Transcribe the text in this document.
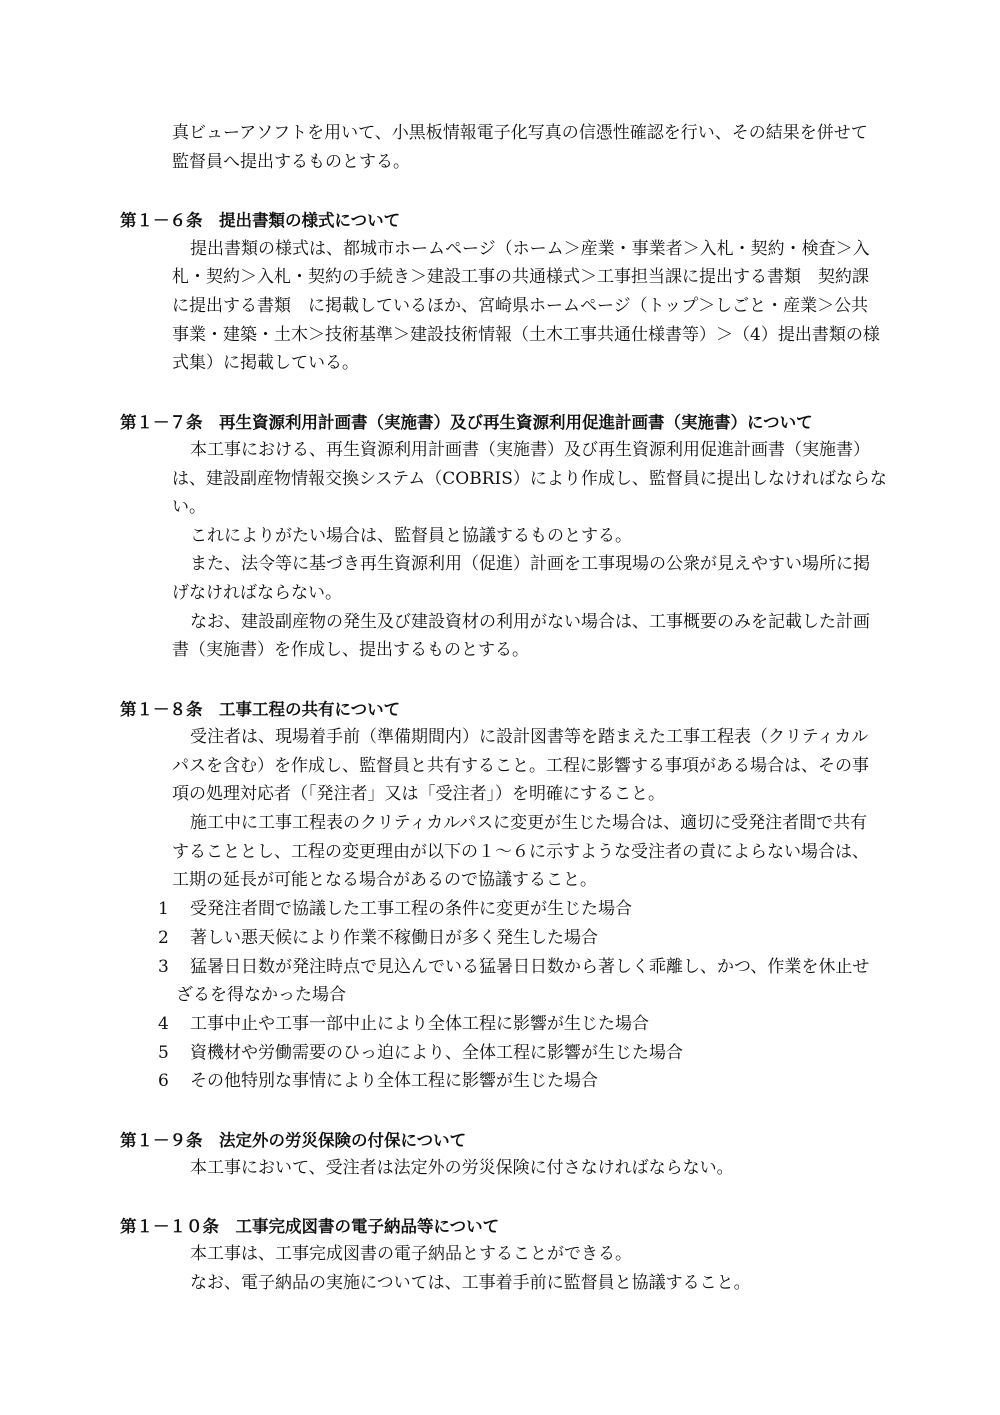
真ビューアソフトを用いて、小黒板情報電子化写真の信憑性確認を行い、その結果を併せて
監督員へ提出するものとする。
第１－６条　提出書類の様式について
提出書類の様式は、都城市ホームページ（ホーム＞産業・事業者＞入札・契約・検査＞入
札・契約＞入札・契約の手続き＞建設工事の共通様式＞工事担当課に提出する書類　契約課
に提出する書類　に掲載しているほか、宮崎県ホームページ（トップ＞しごと・産業＞公共
事業・建築・土木＞技術基準＞建設技術情報（土木工事共通仕様書等）＞（4）提出書類の様
式集）に掲載している。
第１－７条　再生資源利用計画書（実施書）及び再生資源利用促進計画書（実施書）について
本工事における、再生資源利用計画書（実施書）及び再生資源利用促進計画書（実施書）
は、建設副産物情報交換システム（COBRIS）により作成し、監督員に提出しなければならな
い。
これによりがたい場合は、監督員と協議するものとする。
また、法令等に基づき再生資源利用（促進）計画を工事現場の公衆が見えやすい場所に掲
げなければならない。
なお、建設副産物の発生及び建設資材の利用がない場合は、工事概要のみを記載した計画
書（実施書）を作成し、提出するものとする。
第１－８条　工事工程の共有について
受注者は、現場着手前（準備期間内）に設計図書等を踏まえた工事工程表（クリティカル
パスを含む）を作成し、監督員と共有すること。工程に影響する事項がある場合は、その事
項の処理対応者（「発注者」又は「受注者」）を明確にすること。
施工中に工事工程表のクリティカルパスに変更が生じた場合は、適切に受発注者間で共有
することとし、工程の変更理由が以下の１～６に示すような受注者の責によらない場合は、
工期の延長が可能となる場合があるので協議すること。
1 受発注者間で協議した工事工程の条件に変更が生じた場合
2 著しい悪天候により作業不稼働日が多く発生した場合
3 猛暑日日数が発注時点で見込んでいる猛暑日日数から著しく乖離し、かつ、作業を休止せ
ざるを得なかった場合
4 工事中止や工事一部中止により全体工程に影響が生じた場合
5 資機材や労働需要のひっ迫により、全体工程に影響が生じた場合
6 その他特別な事情により全体工程に影響が生じた場合
第１－９条　法定外の労災保険の付保について
本工事において、受注者は法定外の労災保険に付さなければならない。
第１－１０条　工事完成図書の電子納品等について
本工事は、工事完成図書の電子納品とすることができる。
なお、電子納品の実施については、工事着手前に監督員と協議すること。
